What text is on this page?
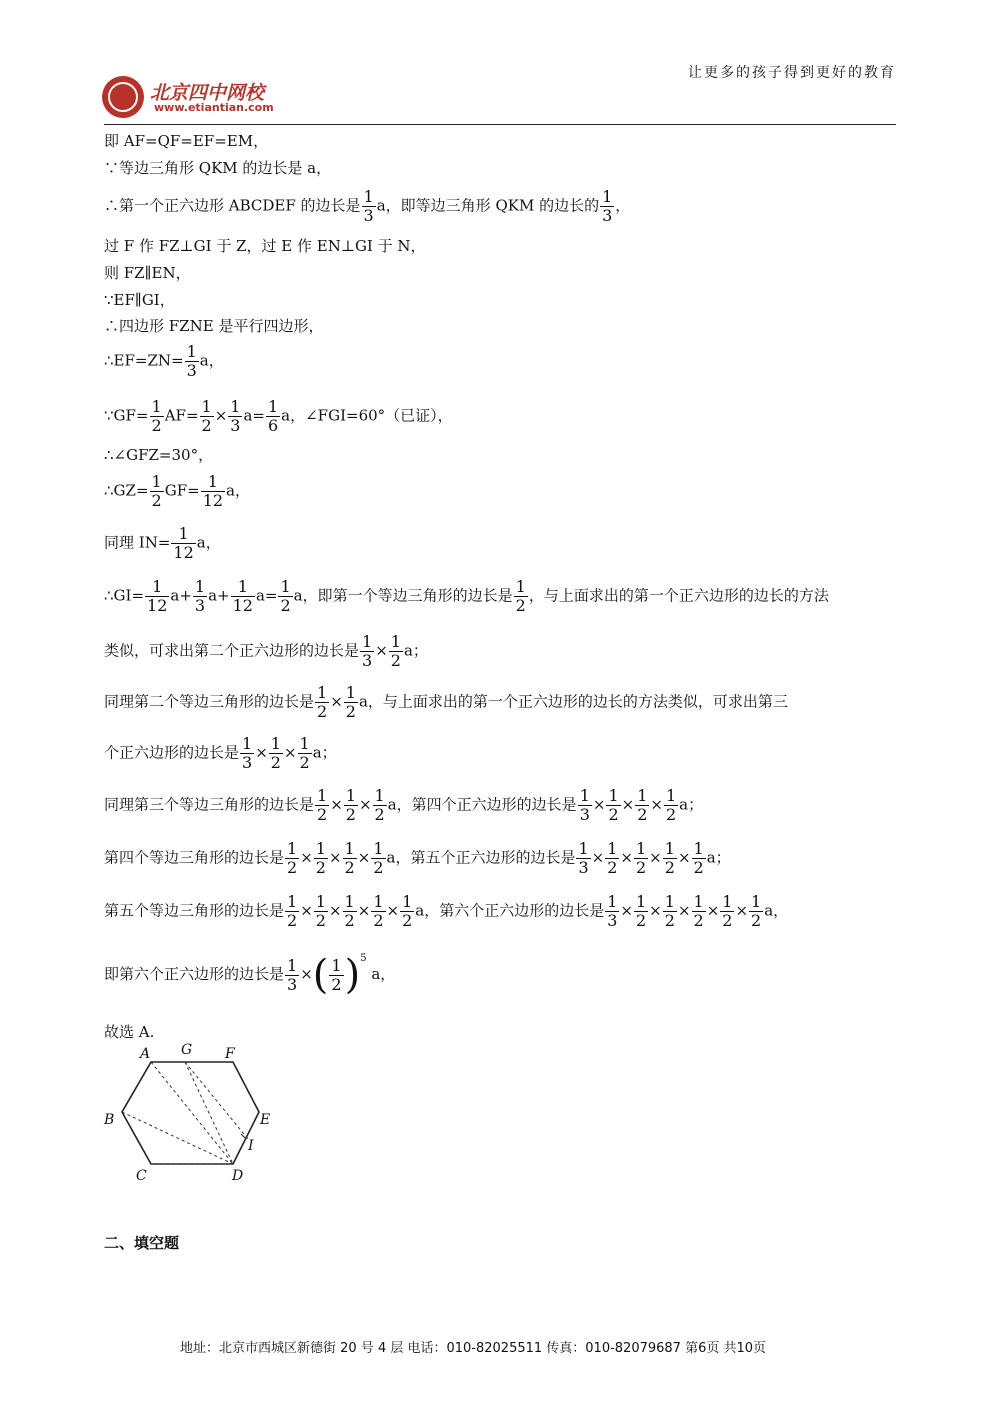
让更多的孩子得到更好的教育
北京四中网校
www.etiantian.com
即 AF=QF=EF=EM，
∵等边三角形 QKM 的边长是 a，
∴第一个正六边形 ABCDEF 的边长是 $\frac{1}{3}$ a，即等边三角形 QKM 的边长的 $\frac{1}{3}$ ，
过 F 作 FZ⊥GI 于 Z，过 E 作 EN⊥GI 于 N，
则 FZ∥EN，
∵EF∥GI，
∴四边形 FZNE 是平行四边形，
∴EF=ZN= $\frac{1}{3}$ a，
∵GF= $\frac{1}{2} AF= \frac{1}{2} \times \frac{1}{3} a= \frac{1}{6}$ a，∠FGI=60°（已证），
∴∠GFZ=30°，
∴GZ= $\frac{1}{2} GF= \frac{1}{12}$ a，
同理 $IN= \frac{1}{12}$ a，
∴GI= $\frac{1}{12} a+ \frac{1}{3} a+ \frac{1}{12} a= \frac{1}{2}$ a，即第一个等边三角形的边长是 $\frac{1}{2}$ ，与上面求出的第一个正六边形的边长的方法
类似，可求出第二个正六边形的边长是 $\frac{1}{3} \times \frac{1}{2}$ a；
同理第二个等边三角形的边长是 $\frac{1}{2} \times \frac{1}{2}$ a，与上面求出的第一个正六边形的边长的方法类似，可求出第三
个正六边形的边长是 $\frac{1}{3} \times \frac{1}{2} \times \frac{1}{2}$ a；
同理第三个等边三角形的边长是 $\frac{1}{2} \times \frac{1}{2} \times \frac{1}{2}$ a，第四个正六边形的边长是 $\frac{1}{3} \times \frac{1}{2} \times \frac{1}{2} \times \frac{1}{2}$ a；
第四个等边三角形的边长是 $\frac{1}{2} \times \frac{1}{2} \times \frac{1}{2} \times \frac{1}{2}$ a，第五个正六边形的边长是 $\frac{1}{3} \times \frac{1}{2} \times \frac{1}{2} \times \frac{1}{2} \times \frac{1}{2}$ a；
第五个等边三角形的边长是 $\frac{1}{2} \times \frac{1}{2} \times \frac{1}{2} \times \frac{1}{2} \times \frac{1}{2}$ a，第六个正六边形的边长是 $\frac{1}{3} \times \frac{1}{2} \times \frac{1}{2} \times \frac{1}{2} \times \frac{1}{2} \times \frac{1}{2}$ a，
即第六个正六边形的边长是 $\frac{1}{3}$ ×( $\frac{1}{2} )^5$ a，
故选 A.
A G F
B	E
I
C	D
二、填空题
地址：北京市西城区新德街 20 号 4 层 电话：010-82025511 传真：010-82079687 第6页 共10页
